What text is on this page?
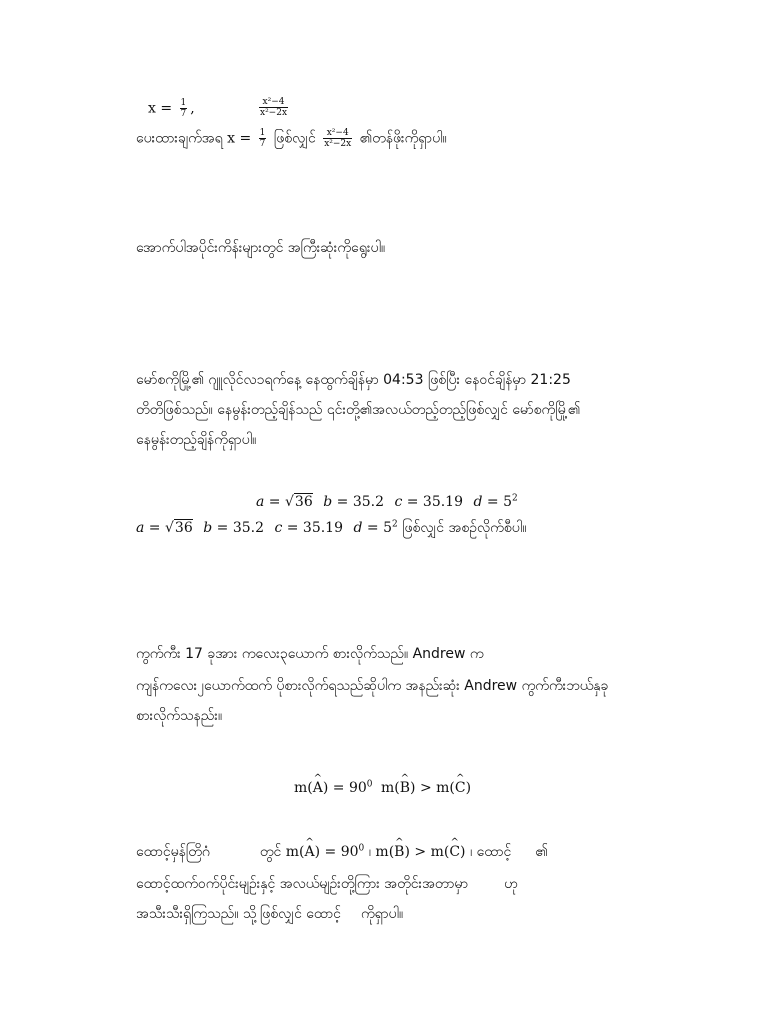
$x = \frac{1}{7}$ ,	$\frac{\text{x²−4}}{\text{x²−2x}}$
ပေးထားချက်အရ $x = \frac{1}{7}$ ဖြစ်လျှင် $\frac{\text{x²−4}}{\text{x²−2x}}$ ၏တန်ဖိုးကိုရှာပါ။
အောက်ပါအပိုင်းကိန်းများတွင် အကြီးဆုံးကိုရွေးပါ။
မော်စကိုမြို့၏ ဂျူလိုင်လ၁ရက်နေ့ နေထွက်ချိန်မှာ 04:53 ဖြစ်ပြီး နေဝင်ချိန်မှာ 21:25
တိတိဖြစ်သည်။ နေမွန်းတည့်ချိန်သည် ၎င်းတို့၏အလယ်တည့်တည့်ဖြစ်လျှင် မော်စကိုမြို့၏
နေမွန်းတည့်ချိန်ကိုရှာပါ။
a = √36 b = 35.2 c = 35.19 $d = 5^2$
a = √36 b = 35.2 c = 35.19 $d = 5^2$ ဖြစ်လျှင် အစဉ်လိုက်စီပါ။
ကွက်ကီး 17 ခုအား ကလေး၃ယောက် စားလိုက်သည်။ Andrew က
ကျန်ကလေး၂ယောက်ထက် ပိုစားလိုက်ရသည်ဆိုပါက အနည်းဆုံး Andrew ကွက်ကီးဘယ်နှခု
စားလိုက်သနည်း။
m(^ $A) = 90^0$ m(^ B) > m(^ C)
ထောင့်မှန်တြိဂံ	တွင် m(^ $A) = 90^0$ ၊ m(^ B) > m(^ C) ၊ ထောင့် ၏
ထောင့်ထက်ဝက်ပိုင်းမျဉ်းနှင့် အလယ်မျဉ်းတို့ကြား အတိုင်းအတာမှာ	ဟု
အသီးသီးရှိကြသည်။ သို့ဖြစ်လျှင် ထောင့် ကိုရှာပါ။
